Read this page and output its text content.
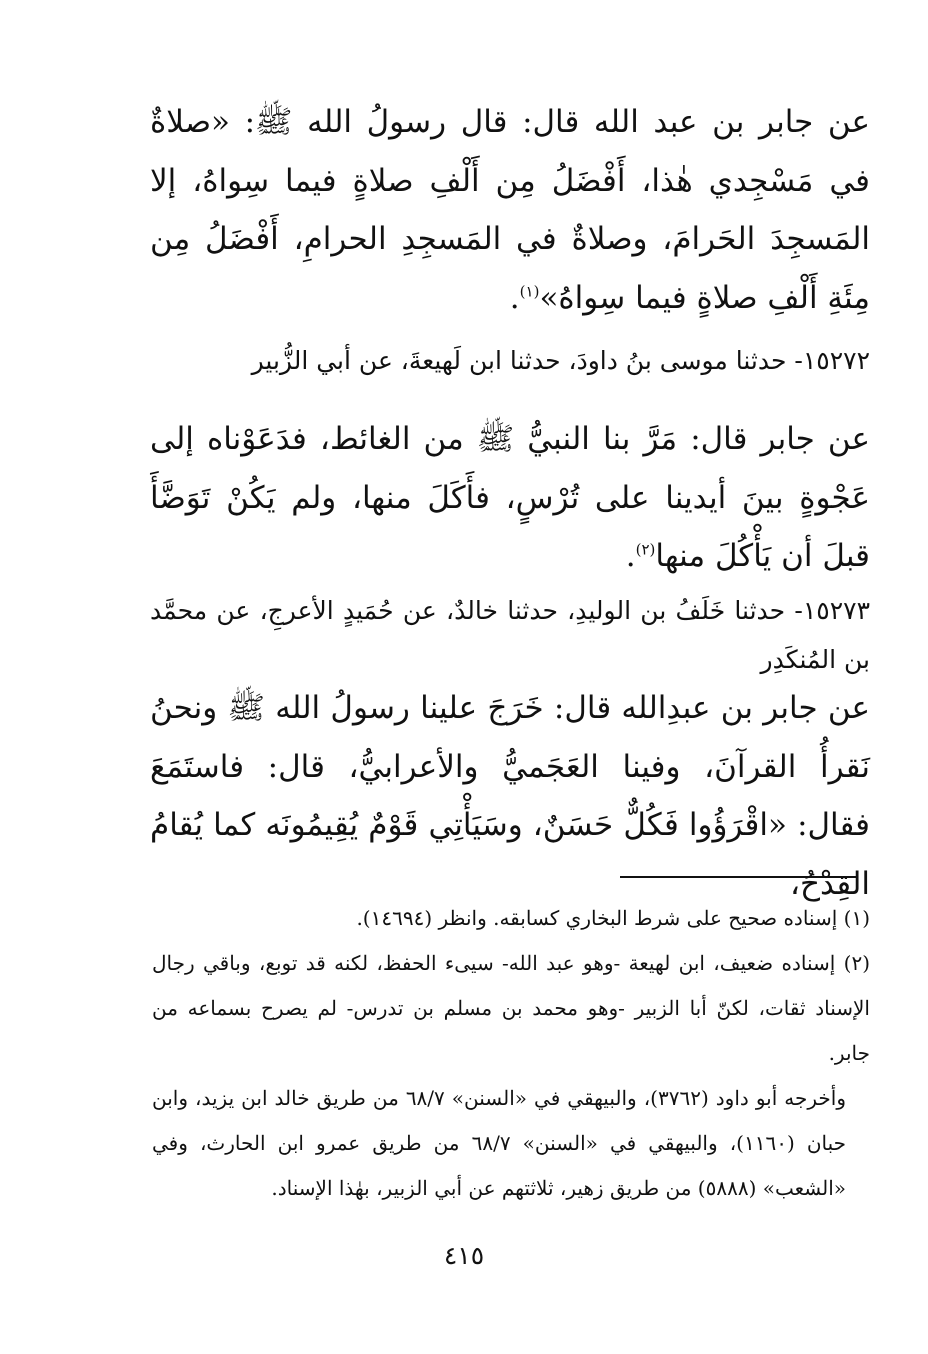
عن جابر بن عبد الله قال: قال رسولُ الله ﷺ: «صلاةٌ في مَسْجِدي هٰذا، أَفْضَلُ مِن أَلْفِ صلاةٍ فيما سِواهُ، إلا المَسجِدَ الحَرامَ، وصلاةٌ في المَسجِدِ الحرامِ، أَفْضَلُ مِن مِئَةِ أَلْفِ صلاةٍ فيما سِواهُ»$^{(١)}$.
١٥٢٧٢- حدثنا موسى بنُ داودَ، حدثنا ابن لَهيعةَ، عن أبي الزُّبير
عن جابر قال: مَرَّ بنا النبيُّ ﷺ من الغائط، فدَعَوْناه إلى عَجْوةٍ بينَ أيدينا على تُرْسٍ، فأَكَلَ منها، ولم يَكُنْ تَوَضَّأَ قبلَ أن يَأْكُلَ منها$^{(٢)}$.
١٥٢٧٣- حدثنا خَلَفُ بن الوليدِ، حدثنا خالدٌ، عن حُمَيدٍ الأعرجِ، عن محمَّد بن المُنكَدِر
عن جابر بن عبدِالله قال: خَرَجَ علينا رسولُ الله ﷺ ونحنُ نَقرأُ القرآنَ، وفينا العَجَميُّ والأعرابيُّ، قال: فاستَمَعَ فقال: «اقْرَؤُوا فَكُلٌّ حَسَنٌ، وسَيَأْتِي قَوْمٌ يُقِيمُونَه كما يُقامُ القِدْحُ،

(١) إسناده صحيح على شرط البخاري كسابقه. وانظر (١٤٦٩٤).

(٢) إسناده ضعيف، ابن لهيعة -وهو عبد الله- سيىء الحفظ، لكنه قد توبع، وباقي رجال الإسناد ثقات، لكنّ أبا الزبير -وهو محمد بن مسلم بن تدرس- لم يصرح بسماعه من جابر.

وأخرجه أبو داود (٣٧٦٢)، والبيهقي في «السنن» ٦٨/٧ من طريق خالد ابن يزيد، وابن حبان (١١٦٠)، والبيهقي في «السنن» ٦٨/٧ من طريق عمرو ابن الحارث، وفي «الشعب» (٥٨٨٨) من طريق زهير، ثلاثتهم عن أبي الزبير، بهٰذا الإسناد.

٤١٥
